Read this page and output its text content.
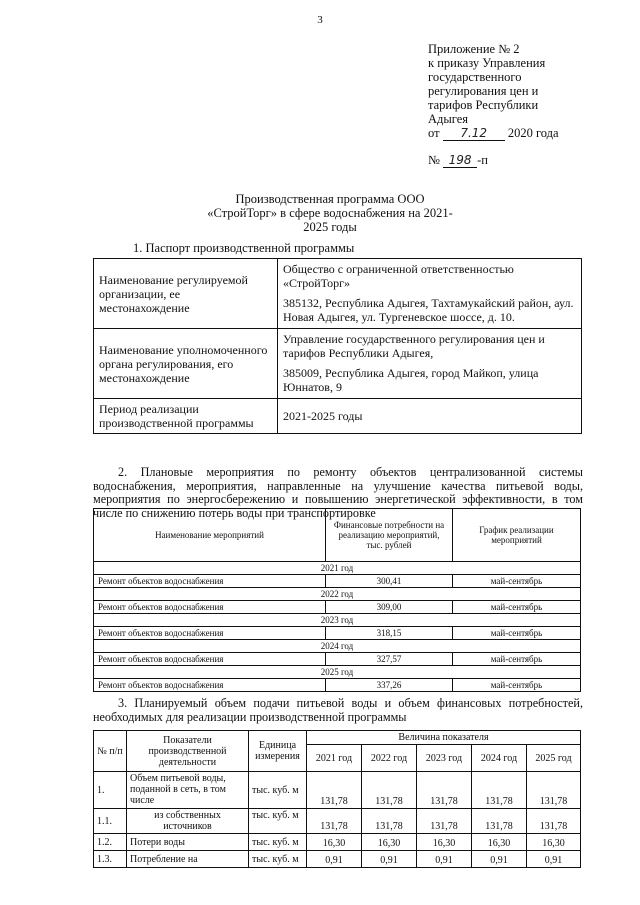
3
Приложение № 2
к приказу Управления
государственного
регулирования цен и
тарифов Республики
Адыгея
от 7.12 2020 года
№ 198 -п
Производственная программа ООО
«СтройТорг» в сфере водоснабжения на 2021-
2025 годы
1. Паспорт производственной программы
Наименование регулируемой организации, ее местонахождение	Общество с ограниченной ответственностью «СтройТорг»

385132, Республика Адыгея, Тахтамукайский район, аул. Новая Адыгея, ул. Тургеневское шоссе, д. 10.

Наименование уполномоченного органа регулирования, его местонахождение	Управление государственного регулирования цен и тарифов Республики Адыгея,

385009, Республика Адыгея, город Майкоп, улица Юннатов, 9

Период реализации производственной программы	2021-2025 годы
2. Плановые мероприятия по ремонту объектов централизованной системы водоснабжения, мероприятия, направленные на улучшение качества питьевой воды, мероприятия по энергосбережению и повышению энергетической эффективности, в том числе по снижению потерь воды при транспортировке
Наименование мероприятий	Финансовые потребности на реализацию мероприятий, тыс. рублей	График реализации мероприятий
2021 год		
Ремонт объектов водоснабжения	300,41	май-сентябрь
2022 год		
Ремонт объектов водоснабжения	309,00	май-сентябрь
2023 год		
Ремонт объектов водоснабжения	318,15	май-сентябрь
2024 год		
Ремонт объектов водоснабжения	327,57	май-сентябрь
2025 год		
Ремонт объектов водоснабжения	337,26	май-сентябрь
3. Планируемый объем подачи питьевой воды и объем финансовых потребностей, необходимых для реализации производственной программы
№ п/п	Показатели производственной деятельности	Единица измерения	Величина показателя				
			2021 год	2022 год	2023 год	2024 год	2025 год
1.	Объем питьевой воды, поданной в сеть, в том числе	тыс. куб. м	131,78	131,78	131,78	131,78	131,78
1.1.	из собственных источников	тыс. куб. м	131,78	131,78	131,78	131,78	131,78
1.2.	Потери воды	тыс. куб. м	16,30	16,30	16,30	16,30	16,30
1.3.	Потребление на	тыс. куб. м	0,91	0,91	0,91	0,91	0,91
